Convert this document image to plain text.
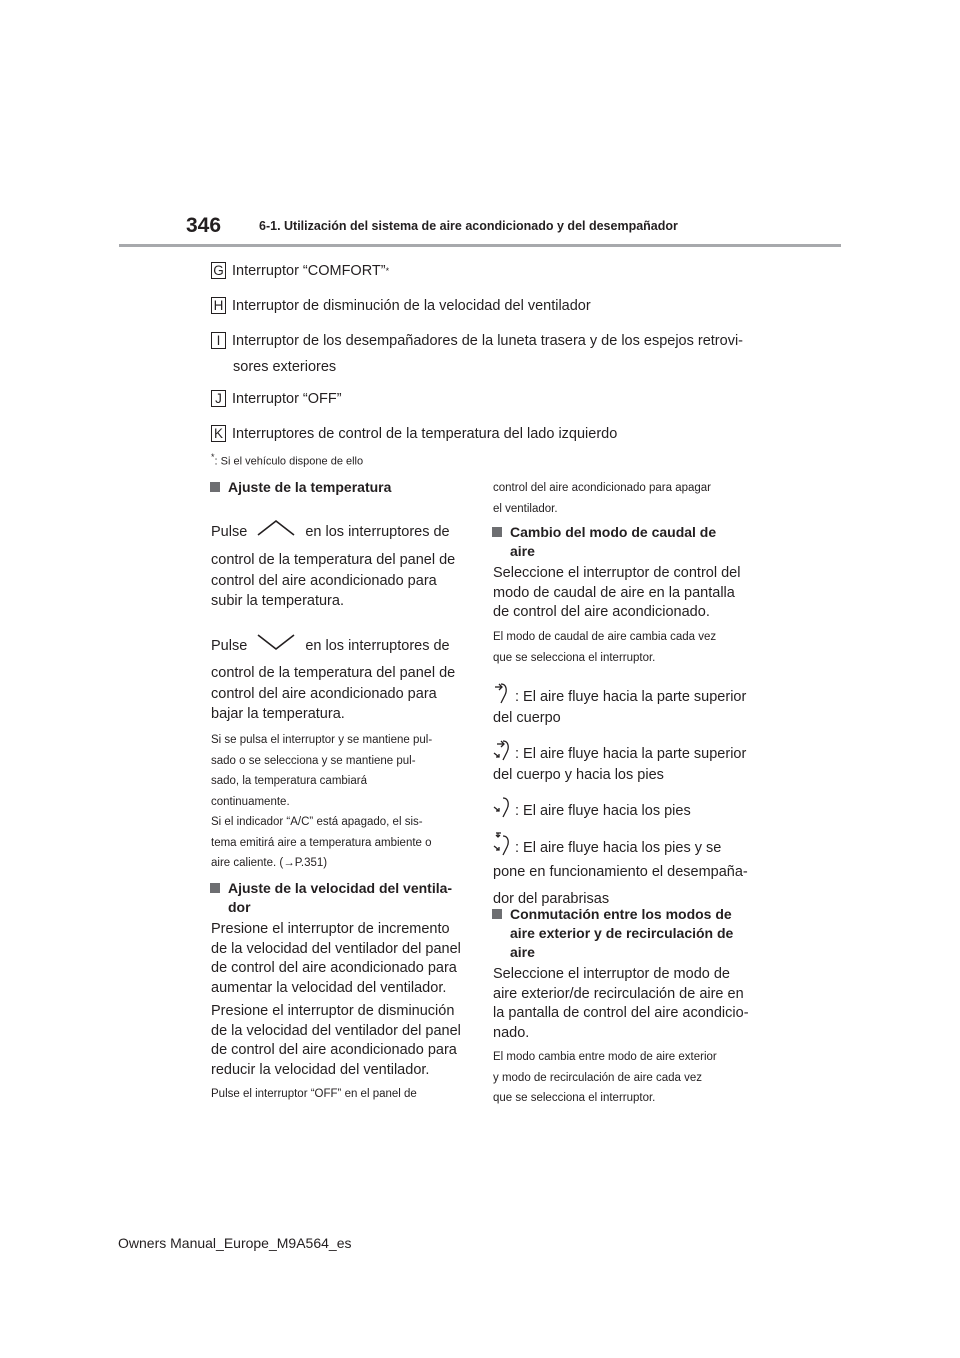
346	6-1. Utilización del sistema de aire acondicionado y del desempañador
G Interruptor “COMFORT” *
H Interruptor de disminución de la velocidad del ventilador
I Interruptor de los desempañadores de la luneta trasera y de los espejos retrovi-
sores exteriores
J Interruptor “OFF”
K Interruptores de control de la temperatura del lado izquierdo
*: Si el vehículo dispone de ello
Ajuste de la temperatura
Pulse	en los interruptores de
control de la temperatura del panel de
control del aire acondicionado para
subir la temperatura.
Pulse	en los interruptores de
control de la temperatura del panel de
control del aire acondicionado para
bajar la temperatura.
Si se pulsa el interruptor y se mantiene pul-
sado o se selecciona y se mantiene pul-
sado, la temperatura cambiará
continuamente.
Si el indicador “A/C” está apagado, el sis-
tema emitirá aire a temperatura ambiente o
aire caliente. (→P.351)
Ajuste de la velocidad del ventila-
dor
Presione el interruptor de incremento
de la velocidad del ventilador del panel
de control del aire acondicionado para
aumentar la velocidad del ventilador.
Presione el interruptor de disminución
de la velocidad del ventilador del panel
de control del aire acondicionado para
reducir la velocidad del ventilador.
Pulse el interruptor “OFF” en el panel de
control del aire acondicionado para apagar
el ventilador.
Cambio del modo de caudal de
aire
Seleccione el interruptor de control del
modo de caudal de aire en la pantalla
de control del aire acondicionado.
El modo de caudal de aire cambia cada vez
que se selecciona el interruptor.
: El aire fluye hacia la parte superior
del cuerpo
: El aire fluye hacia la parte superior
del cuerpo y hacia los pies
: El aire fluye hacia los pies
: El aire fluye hacia los pies y se
pone en funcionamiento el desempaña-
dor del parabrisas
Conmutación entre los modos de
aire exterior y de recirculación de
aire
Seleccione el interruptor de modo de
aire exterior/de recirculación de aire en
la pantalla de control del aire acondicio-
nado.
El modo cambia entre modo de aire exterior
y modo de recirculación de aire cada vez
que se selecciona el interruptor.
Owners Manual_Europe_M9A564_es
